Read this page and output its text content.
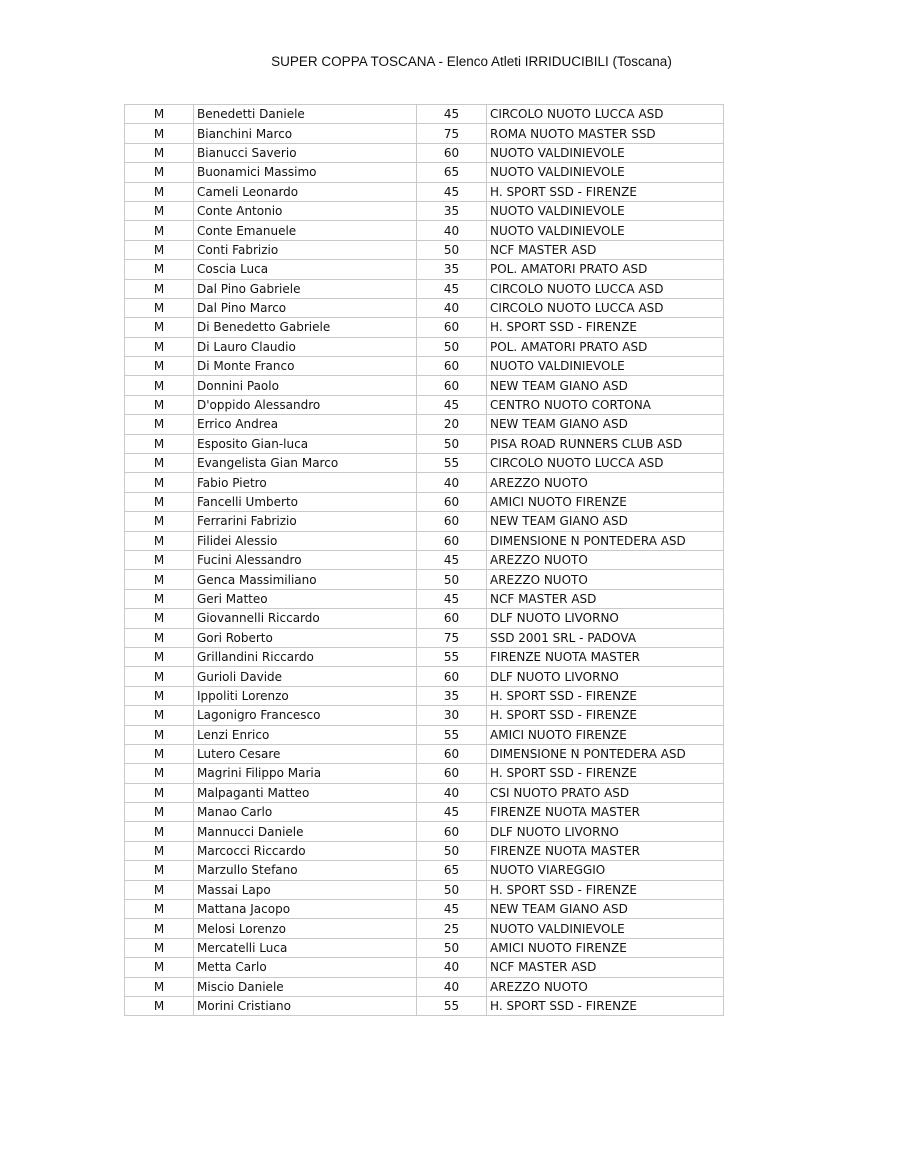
SUPER COPPA TOSCANA - Elenco Atleti IRRIDUCIBILI (Toscana)
M	Benedetti Daniele	45	CIRCOLO NUOTO LUCCA ASD
M	Bianchini Marco	75	ROMA NUOTO MASTER SSD
M	Bianucci Saverio	60	NUOTO VALDINIEVOLE
M	Buonamici Massimo	65	NUOTO VALDINIEVOLE
M	Cameli Leonardo	45	H. SPORT SSD - FIRENZE
M	Conte Antonio	35	NUOTO VALDINIEVOLE
M	Conte Emanuele	40	NUOTO VALDINIEVOLE
M	Conti Fabrizio	50	NCF MASTER ASD
M	Coscia Luca	35	POL. AMATORI PRATO ASD
M	Dal Pino Gabriele	45	CIRCOLO NUOTO LUCCA ASD
M	Dal Pino Marco	40	CIRCOLO NUOTO LUCCA ASD
M	Di Benedetto Gabriele	60	H. SPORT SSD - FIRENZE
M	Di Lauro Claudio	50	POL. AMATORI PRATO ASD
M	Di Monte Franco	60	NUOTO VALDINIEVOLE
M	Donnini Paolo	60	NEW TEAM GIANO ASD
M	D'oppido Alessandro	45	CENTRO NUOTO CORTONA
M	Errico Andrea	20	NEW TEAM GIANO ASD
M	Esposito Gian-luca	50	PISA ROAD RUNNERS CLUB ASD
M	Evangelista Gian Marco	55	CIRCOLO NUOTO LUCCA ASD
M	Fabio Pietro	40	AREZZO NUOTO
M	Fancelli Umberto	60	AMICI NUOTO FIRENZE
M	Ferrarini Fabrizio	60	NEW TEAM GIANO ASD
M	Filidei Alessio	60	DIMENSIONE N PONTEDERA ASD
M	Fucini Alessandro	45	AREZZO NUOTO
M	Genca Massimiliano	50	AREZZO NUOTO
M	Geri Matteo	45	NCF MASTER ASD
M	Giovannelli Riccardo	60	DLF NUOTO LIVORNO
M	Gori Roberto	75	SSD 2001 SRL - PADOVA
M	Grillandini Riccardo	55	FIRENZE NUOTA MASTER
M	Gurioli Davide	60	DLF NUOTO LIVORNO
M	Ippoliti Lorenzo	35	H. SPORT SSD - FIRENZE
M	Lagonigro Francesco	30	H. SPORT SSD - FIRENZE
M	Lenzi Enrico	55	AMICI NUOTO FIRENZE
M	Lutero Cesare	60	DIMENSIONE N PONTEDERA ASD
M	Magrini Filippo Maria	60	H. SPORT SSD - FIRENZE
M	Malpaganti Matteo	40	CSI NUOTO PRATO ASD
M	Manao Carlo	45	FIRENZE NUOTA MASTER
M	Mannucci Daniele	60	DLF NUOTO LIVORNO
M	Marcocci Riccardo	50	FIRENZE NUOTA MASTER
M	Marzullo Stefano	65	NUOTO VIAREGGIO
M	Massai Lapo	50	H. SPORT SSD - FIRENZE
M	Mattana Jacopo	45	NEW TEAM GIANO ASD
M	Melosi Lorenzo	25	NUOTO VALDINIEVOLE
M	Mercatelli Luca	50	AMICI NUOTO FIRENZE
M	Metta Carlo	40	NCF MASTER ASD
M	Miscio Daniele	40	AREZZO NUOTO
M	Morini Cristiano	55	H. SPORT SSD - FIRENZE
